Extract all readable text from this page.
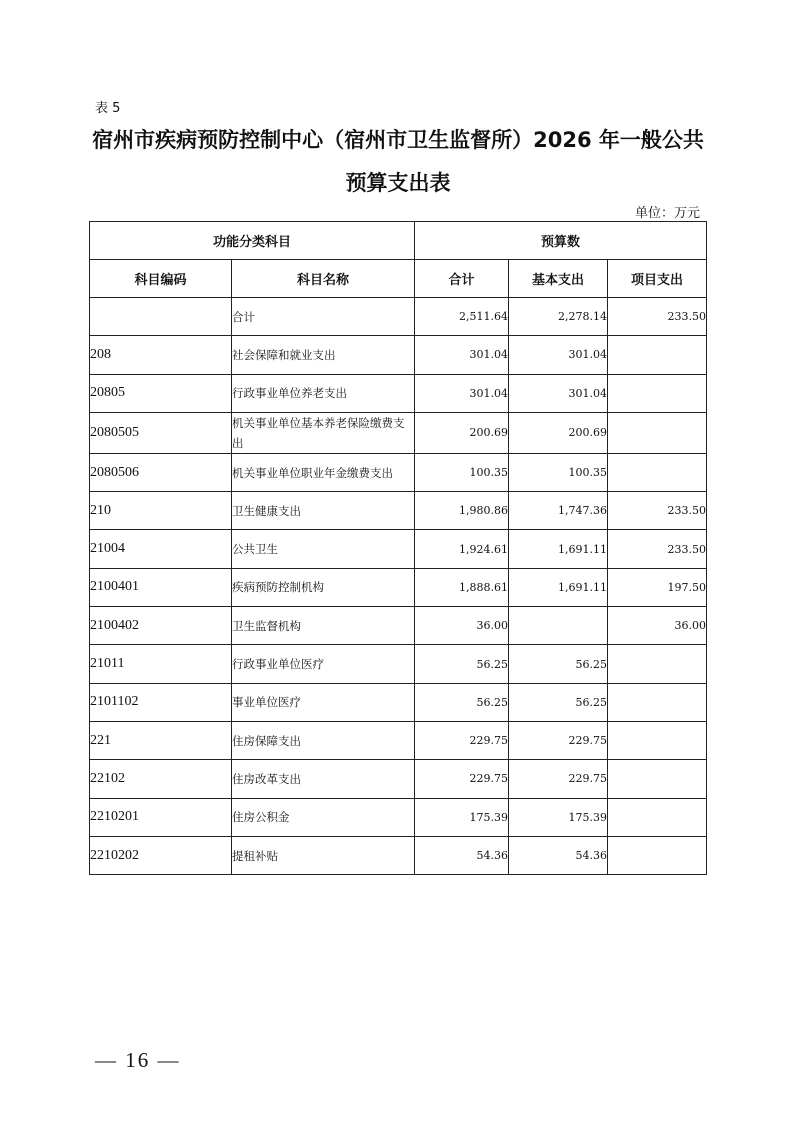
表 5
宿州市疾病预防控制中心（宿州市卫生监督所）2026 年一般公共
预算支出表
单位：万元
功能分类科目		预算数		
科目编码	科目名称	合计	基本支出	项目支出
	合计	2,511.64	2,278.14	233.50
208	社会保障和就业支出	301.04	301.04	
20805	行政事业单位养老支出	301.04	301.04	
2080505	机关事业单位基本养老保险缴费支出	200.69	200.69	
2080506	机关事业单位职业年金缴费支出	100.35	100.35	
210	卫生健康支出	1,980.86	1,747.36	233.50
21004	公共卫生	1,924.61	1,691.11	233.50
2100401	疾病预防控制机构	1,888.61	1,691.11	197.50
2100402	卫生监督机构	36.00		36.00
21011	行政事业单位医疗	56.25	56.25	
2101102	事业单位医疗	56.25	56.25	
221	住房保障支出	229.75	229.75	
22102	住房改革支出	229.75	229.75	
2210201	住房公积金	175.39	175.39	
2210202	提租补贴	54.36	54.36	
— 16 —
